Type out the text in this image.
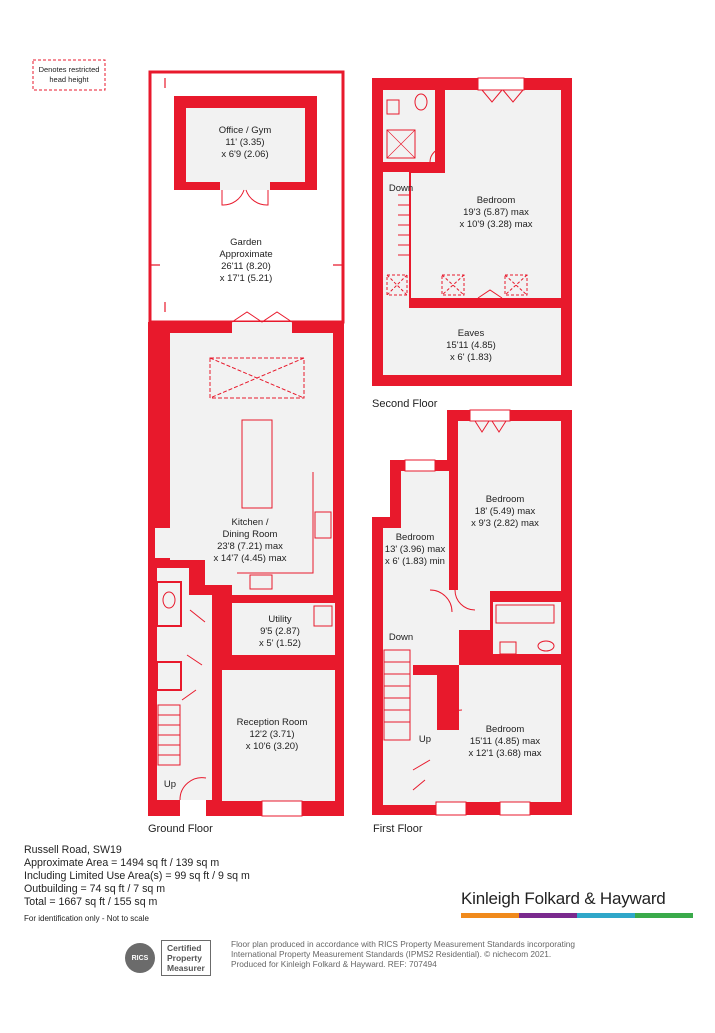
Denotes restricted
head height
Office / Gym
11' (3.35)
x 6'9 (2.06)
Garden
Approximate
26'11 (8.20)
x 17'1 (5.21)
Kitchen /
Dining Room
23'8 (7.21) max
x 14'7 (4.45) max
Utility
9'5 (2.87)
x 5' (1.52)
Reception Room
12'2 (3.71)
x 10'6 (3.20)
Up
Ground Floor
Bedroom
19'3 (5.87) max
x 10'9 (3.28) max
Eaves
15'11 (4.85)
x 6' (1.83)
Down
Second Floor
Bedroom
13' (3.96) max
x 6' (1.83) min
Bedroom
18' (5.49) max
x 9'3 (2.82) max
Bedroom
15'11 (4.85) max
x 12'1 (3.68) max
Down
Up
First Floor
Russell Road, SW19
Approximate Area = 1494 sq ft / 139 sq m
Including Limited Use Area(s) = 99 sq ft / 9 sq m
Outbuilding = 74 sq ft / 7 sq m
Total = 1667 sq ft / 155 sq m
For identification only - Not to scale
Kinleigh Folkard & Hayward
RICS
Certified
Property
Measurer
Floor plan produced in accordance with RICS Property Measurement Standards incorporating
International Property Measurement Standards (IPMS2 Residential). © nichecom 2021.
Produced for Kinleigh Folkard & Hayward. REF: 707494
